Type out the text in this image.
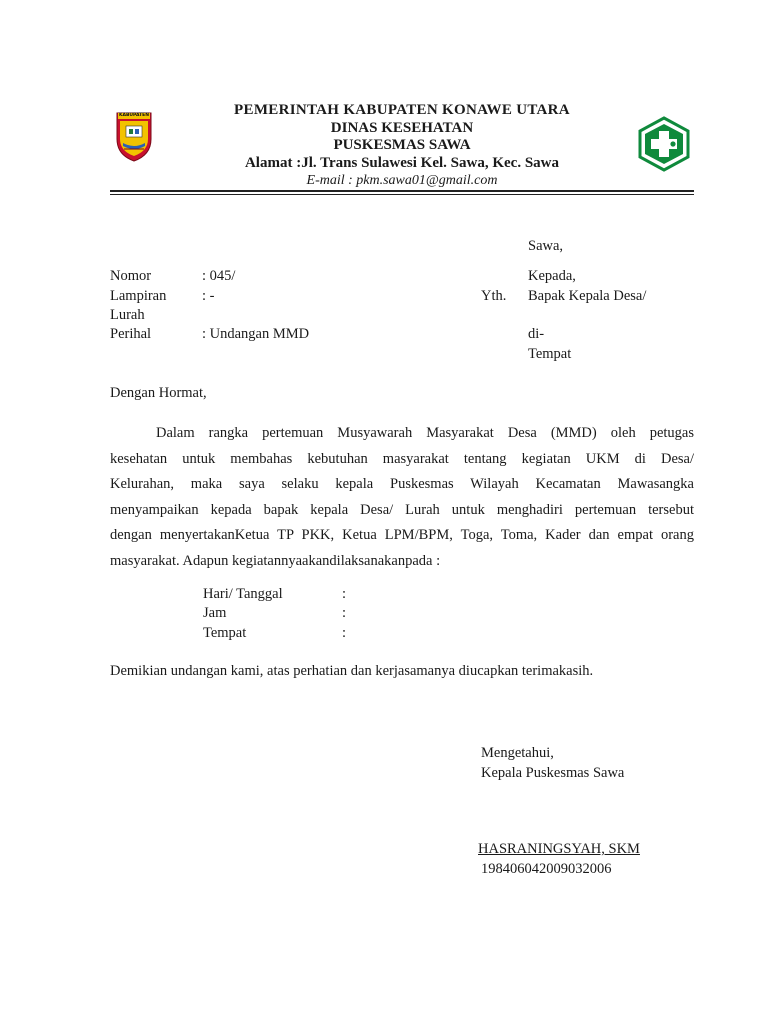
KABUPATEN	PEMERINTAH KABUPATEN KONAWE UTARA
DINAS KESEHATAN
PUSKESMAS SAWA
Alamat :Jl. Trans Sulawesi Kel. Sawa, Kec. Sawa
E-mail : pkm.sawa01@gmail.com
Sawa,
Nomor	: 045/
Lampiran : -
Lurah
Perihal	: Undangan MMD
Kepada,
Yth. Bapak Kepala Desa/
di-
Tempat
Dengan Hormat,
Dalam rangka pertemuan Musyawarah Masyarakat Desa (MMD) oleh petugas
kesehatan untuk membahas kebutuhan masyarakat tentang kegiatan UKM di Desa/
Kelurahan, maka saya selaku kepala Puskesmas Wilayah Kecamatan Mawasangka
menyampaikan kepada bapak kepala Desa/ Lurah untuk menghadiri pertemuan tersebut
dengan menyertakanKetua TP PKK, Ketua LPM/BPM, Toga, Toma, Kader dan empat orang
masyarakat. Adapun kegiatannyaakandilaksanakanpada :
Hari/ Tanggal	:
Jam	:
Tempat	:
Demikian undangan kami, atas perhatian dan kerjasamanya diucapkan terimakasih.
Mengetahui,
Kepala Puskesmas Sawa
HASRANINGSYAH, SKM
198406042009032006
